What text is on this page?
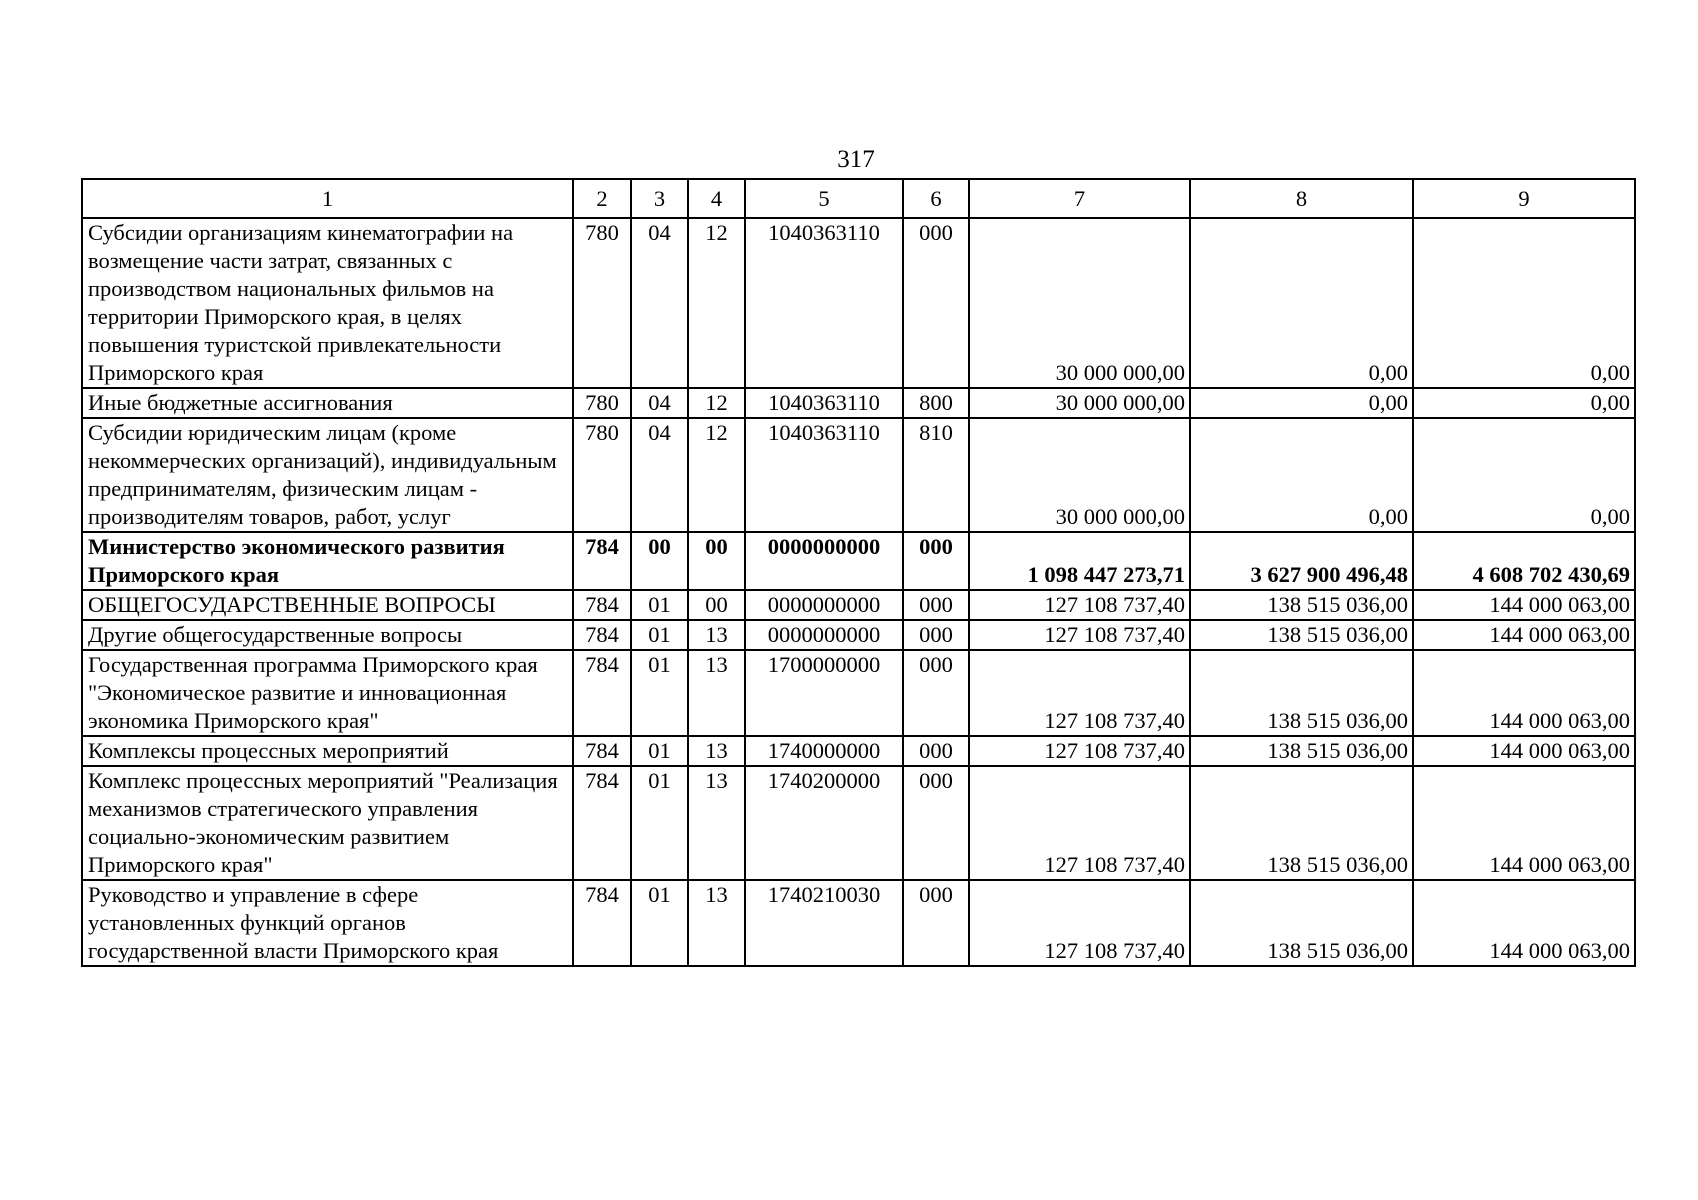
317
1	2	3	4	5	6	7	8	9
Субсидии организациям кинематографии на возмещение части затрат, связанных с производством национальных фильмов на территории Приморского края, в целях повышения туристской привлекательности Приморского края	780	04	12	1040363110	000	30 000 000,00	0,00	0,00
Иные бюджетные ассигнования	780	04	12	1040363110	800	30 000 000,00	0,00	0,00
Субсидии юридическим лицам (кроме некоммерческих организаций), индивидуальным предпринимателям, физическим лицам - производителям товаров, работ, услуг	780	04	12	1040363110	810	30 000 000,00	0,00	0,00
Министерство экономического развития Приморского края	784	00	00	0000000000	000	1 098 447 273,71	3 627 900 496,48	4 608 702 430,69
ОБЩЕГОСУДАРСТВЕННЫЕ ВОПРОСЫ	784	01	00	0000000000	000	127 108 737,40	138 515 036,00	144 000 063,00
Другие общегосударственные вопросы	784	01	13	0000000000	000	127 108 737,40	138 515 036,00	144 000 063,00
Государственная программа Приморского края "Экономическое развитие и инновационная экономика Приморского края"	784	01	13	1700000000	000	127 108 737,40	138 515 036,00	144 000 063,00
Комплексы процессных мероприятий	784	01	13	1740000000	000	127 108 737,40	138 515 036,00	144 000 063,00
Комплекс процессных мероприятий "Реализация механизмов стратегического управления социально-экономическим развитием Приморского края"	784	01	13	1740200000	000	127 108 737,40	138 515 036,00	144 000 063,00
Руководство и управление в сфере установленных функций органов государственной власти Приморского края	784	01	13	1740210030	000	127 108 737,40	138 515 036,00	144 000 063,00
